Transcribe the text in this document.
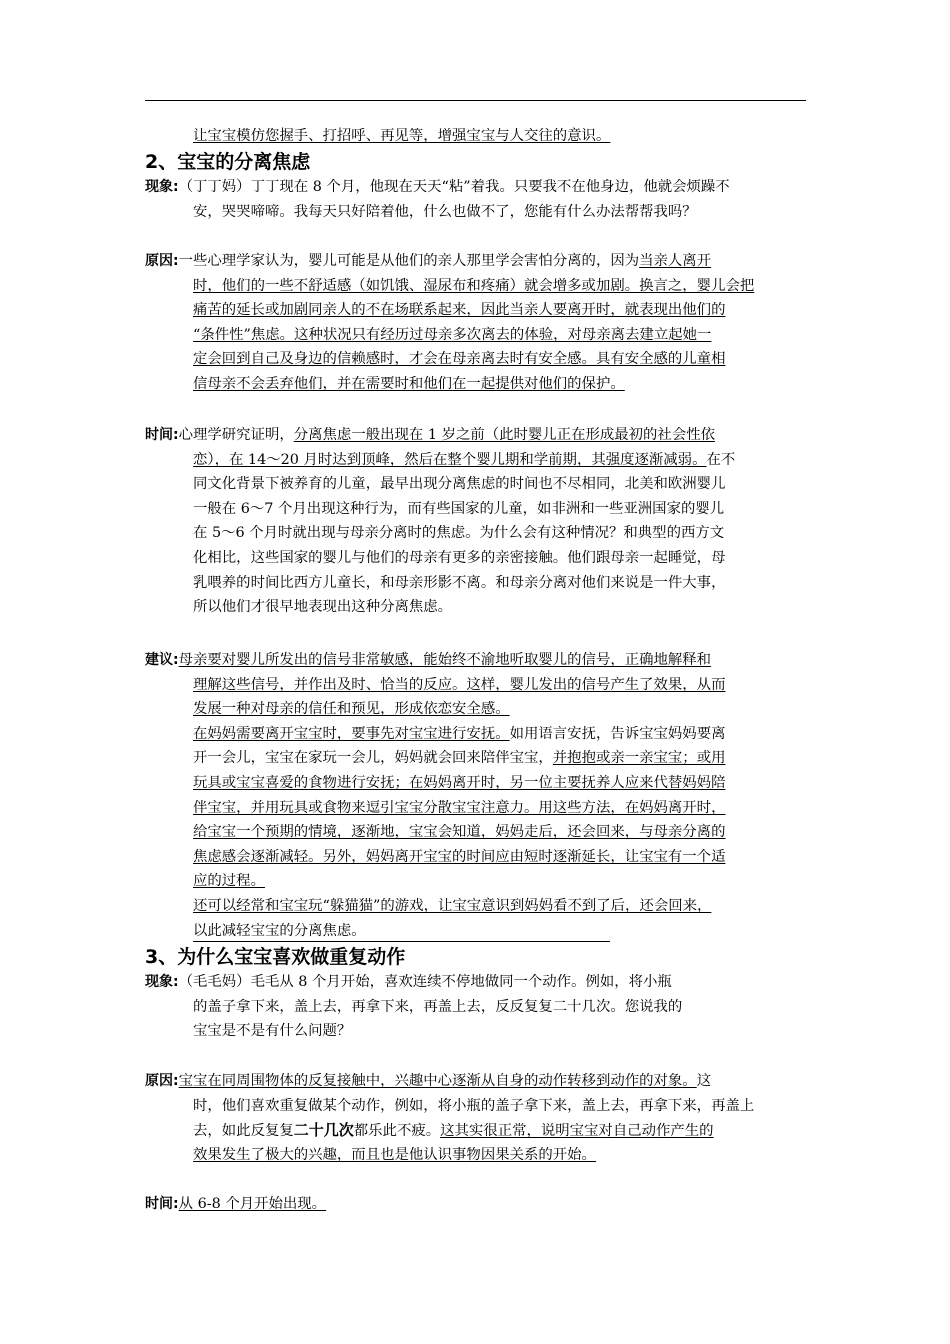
让宝宝模仿您握手、打招呼、再见等，增强宝宝与人交往的意识。
2、宝宝的分离焦虑
现象:（丁丁妈）丁丁现在 8 个月，他现在天天“粘”着我。只要我不在他身边，他就会烦躁不
安，哭哭啼啼。我每天只好陪着他，什么也做不了，您能有什么办法帮帮我吗？
原因:一些心理学家认为，婴儿可能是从他们的亲人那里学会害怕分离的，因为当亲人离开
时，他们的一些不舒适感（如饥饿、湿尿布和疼痛）就会增多或加剧。换言之，婴儿会把
痛苦的延长或加剧同亲人的不在场联系起来，因此当亲人要离开时，就表现出他们的
“条件性”焦虑。这种状况只有经历过母亲多次离去的体验，对母亲离去建立起她一
定会回到自己及身边的信赖感时，才会在母亲离去时有安全感。具有安全感的儿童相
信母亲不会丢弃他们，并在需要时和他们在一起提供对他们的保护。
时间:心理学研究证明，分离焦虑一般出现在 1 岁之前（此时婴儿正在形成最初的社会性依
恋），在 14～20 月时达到顶峰，然后在整个婴儿期和学前期，其强度逐渐减弱。在不
同文化背景下被养育的儿童，最早出现分离焦虑的时间也不尽相同，北美和欧洲婴儿
一般在 6～7 个月出现这种行为，而有些国家的儿童，如非洲和一些亚洲国家的婴儿
在 5～6 个月时就出现与母亲分离时的焦虑。为什么会有这种情况？和典型的西方文
化相比，这些国家的婴儿与他们的母亲有更多的亲密接触。他们跟母亲一起睡觉，母
乳喂养的时间比西方儿童长，和母亲形影不离。和母亲分离对他们来说是一件大事，
所以他们才很早地表现出这种分离焦虑。
建议:母亲要对婴儿所发出的信号非常敏感，能始终不渝地听取婴儿的信号，正确地解释和
理解这些信号，并作出及时、恰当的反应。这样，婴儿发出的信号产生了效果，从而
发展一种对母亲的信任和预见，形成依恋安全感。
在妈妈需要离开宝宝时，要事先对宝宝进行安抚。如用语言安抚，告诉宝宝妈妈要离
开一会儿，宝宝在家玩一会儿，妈妈就会回来陪伴宝宝，并抱抱或亲一亲宝宝；或用
玩具或宝宝喜爱的食物进行安抚；在妈妈离开时，另一位主要抚养人应来代替妈妈陪
伴宝宝，并用玩具或食物来逗引宝宝分散宝宝注意力。用这些方法，在妈妈离开时，
给宝宝一个预期的情境，逐渐地，宝宝会知道，妈妈走后，还会回来，与母亲分离的
焦虑感会逐渐减轻。另外，妈妈离开宝宝的时间应由短时逐渐延长，让宝宝有一个适
应的过程。
还可以经常和宝宝玩“躲猫猫”的游戏，让宝宝意识到妈妈看不到了后，还会回来，
以此减轻宝宝的分离焦虑。
3、为什么宝宝喜欢做重复动作
现象:（毛毛妈）毛毛从 8 个月开始，喜欢连续不停地做同一个动作。例如，将小瓶
的盖子拿下来，盖上去，再拿下来，再盖上去，反反复复二十几次。您说我的
宝宝是不是有什么问题？
原因:宝宝在同周围物体的反复接触中，兴趣中心逐渐从自身的动作转移到动作的对象。这
时，他们喜欢重复做某个动作，例如，将小瓶的盖子拿下来，盖上去，再拿下来，再盖上
去，如此反复复二十几次都乐此不疲。这其实很正常，说明宝宝对自己动作产生的
效果发生了极大的兴趣，而且也是他认识事物因果关系的开始。
时间:从 6-8 个月开始出现。
